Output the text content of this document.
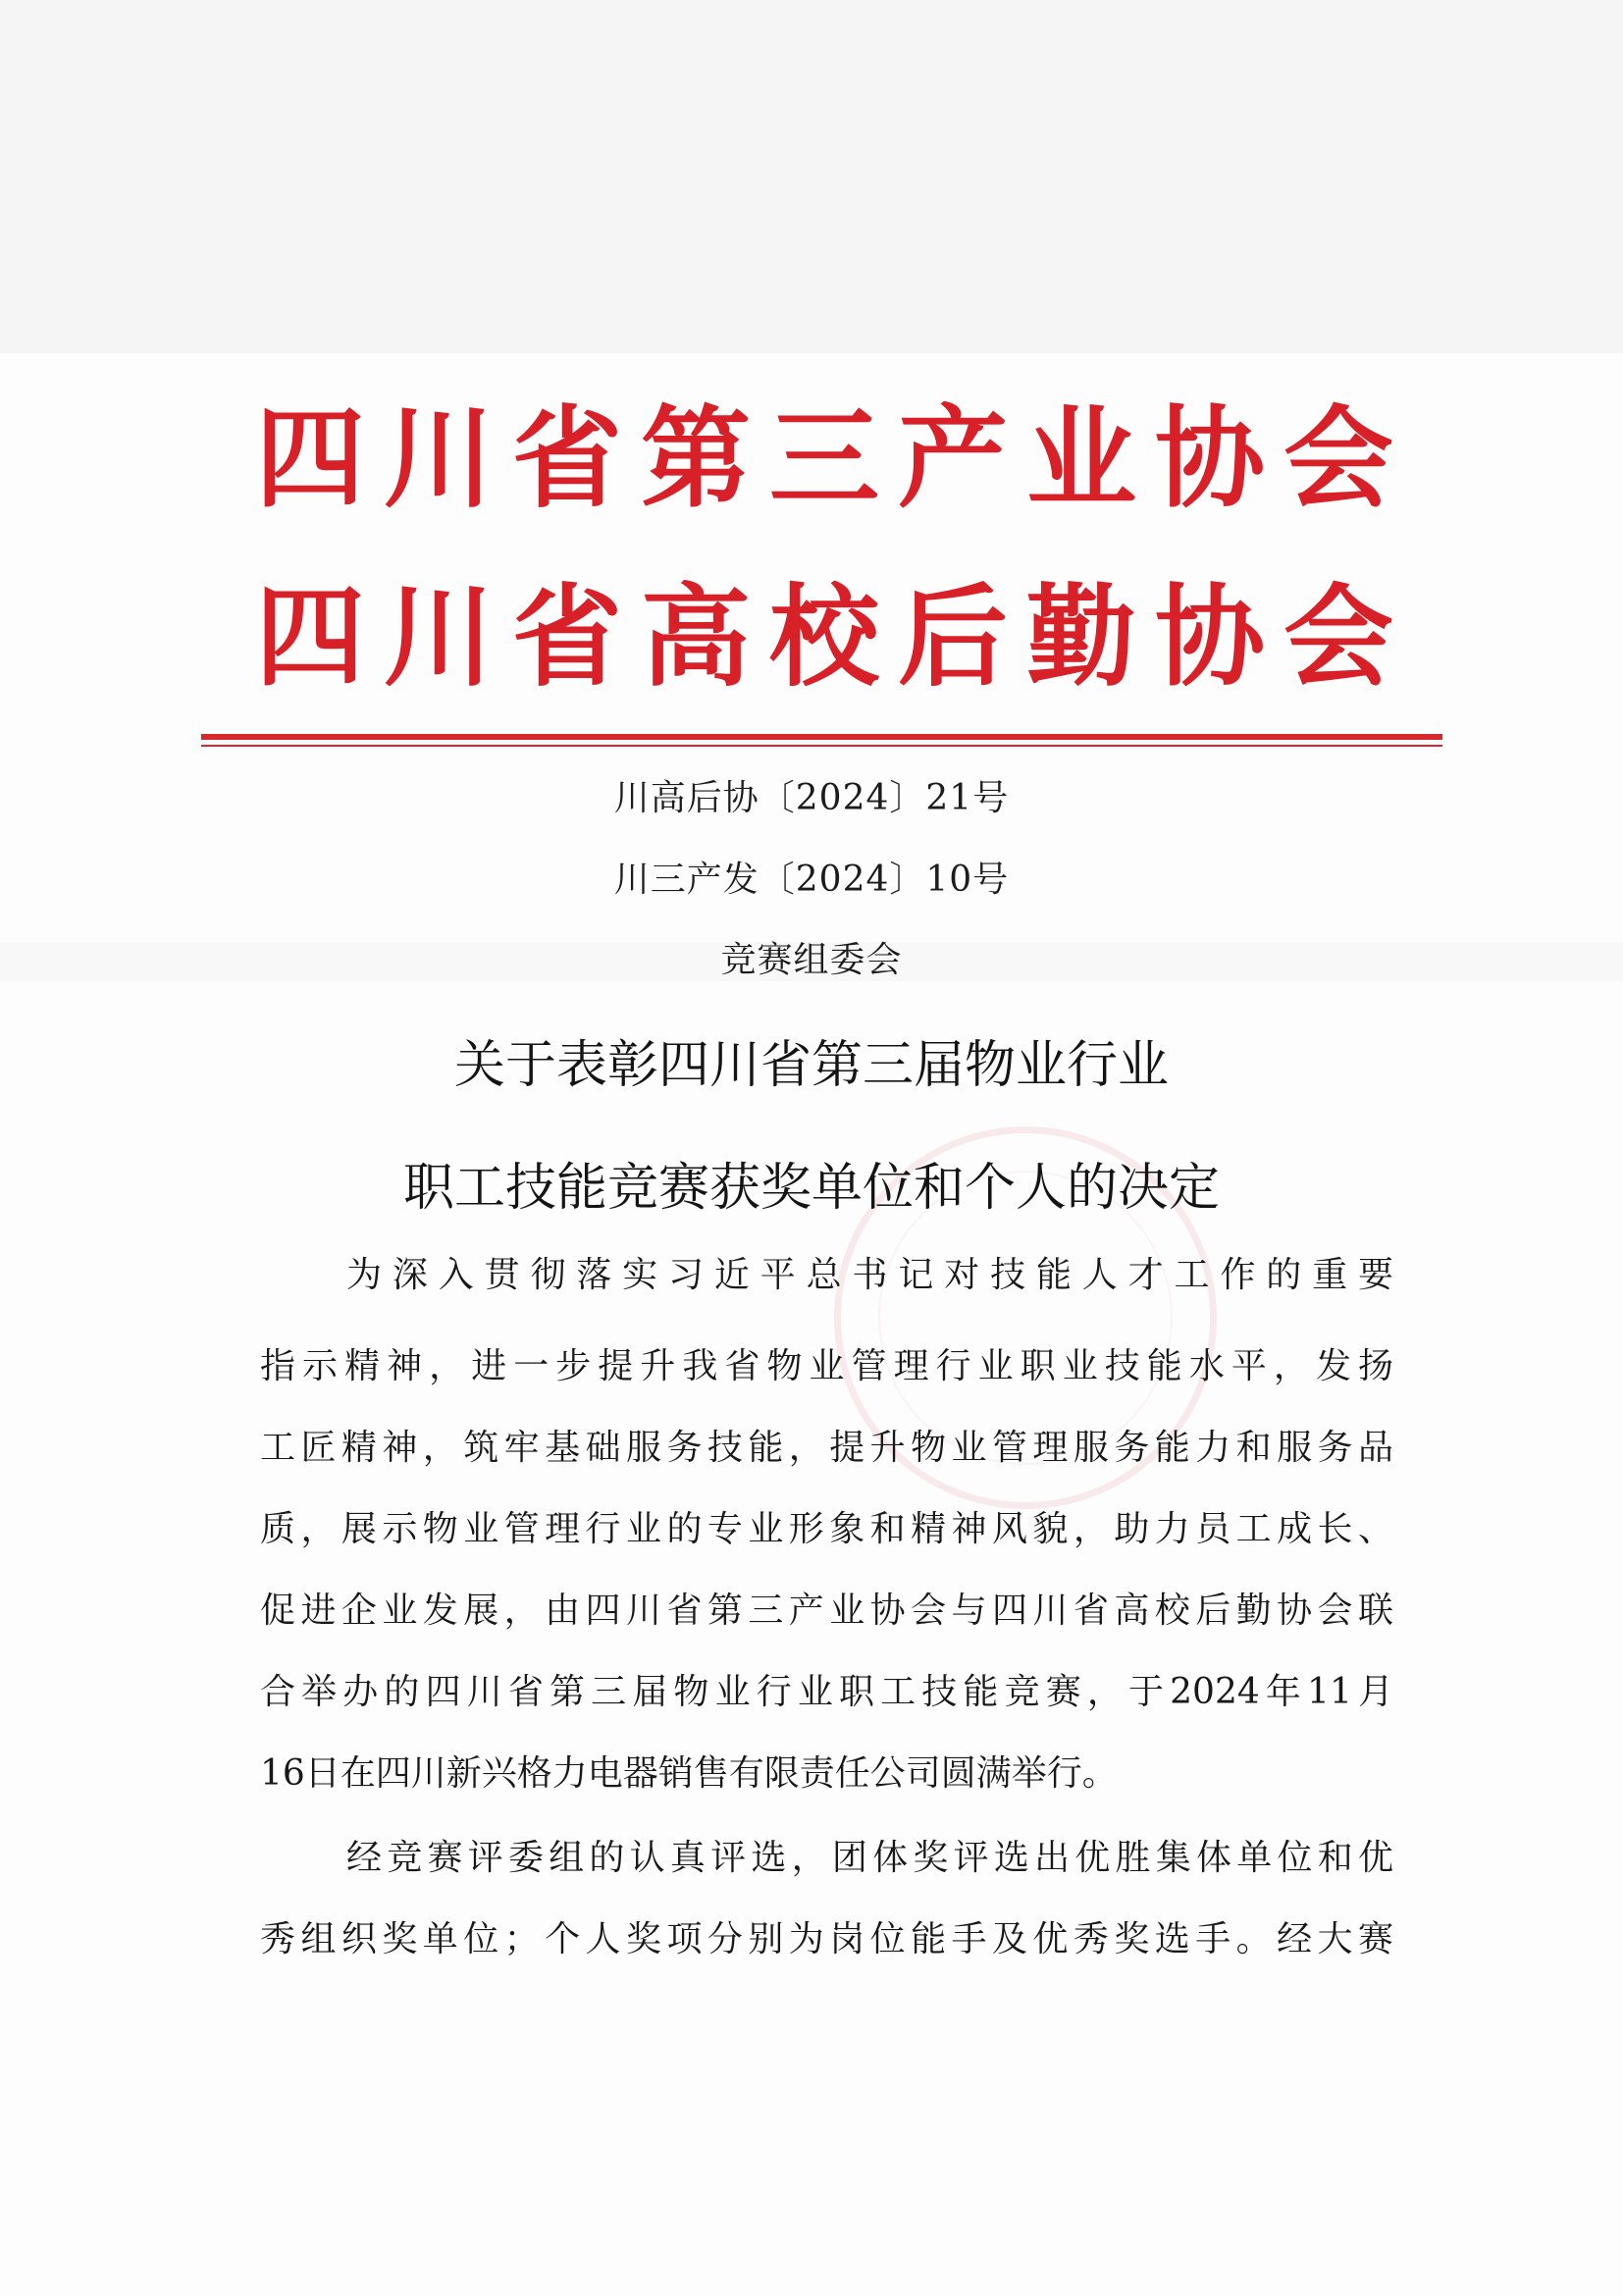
四川省第三产业协会
四川省高校后勤协会
川高后协〔2024〕21号
川三产发〔2024〕10号
竞赛组委会
关于表彰四川省第三届物业行业
职工技能竞赛获奖单位和个人的决定
为深入贯彻落实习近平总书记对技能人才工作的重要
指示精神，进一步提升我省物业管理行业职业技能水平，发扬
工匠精神，筑牢基础服务技能，提升物业管理服务能力和服务品
质，展示物业管理行业的专业形象和精神风貌，助力员工成长、
促进企业发展，由四川省第三产业协会与四川省高校后勤协会联
合举办的四川省第三届物业行业职工技能竞赛，于2024年11月
16日在四川新兴格力电器销售有限责任公司圆满举行。
经竞赛评委组的认真评选，团体奖评选出优胜集体单位和优
秀组织奖单位；个人奖项分别为岗位能手及优秀奖选手。经大赛
